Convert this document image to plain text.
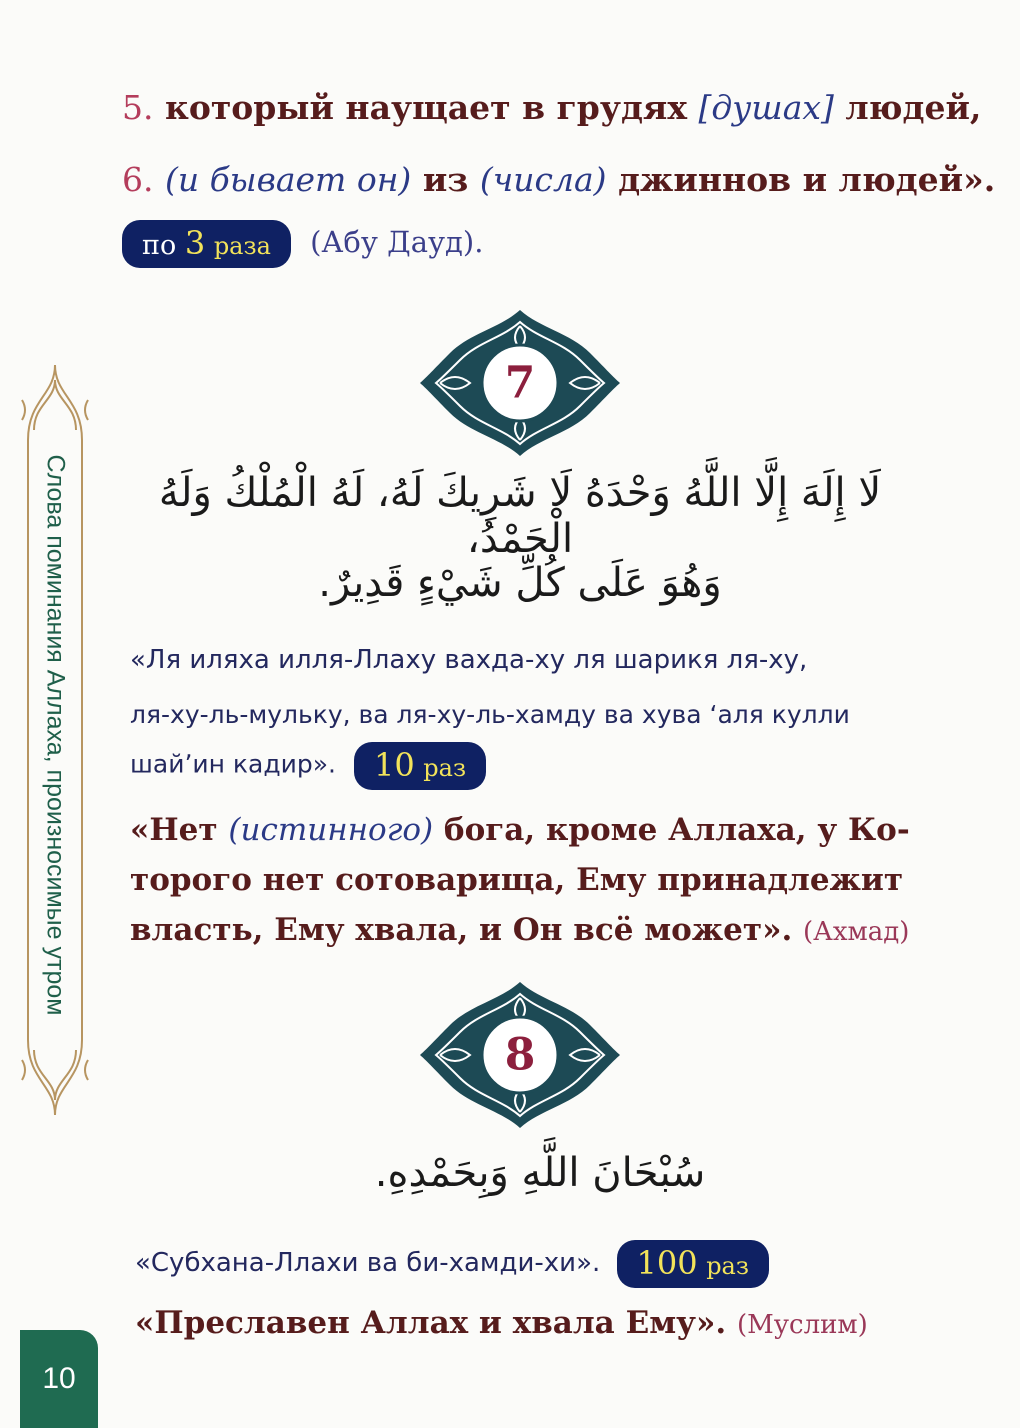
Слова поминания Аллаха, произносимые утром
10
5. который наущает в грудях [душах] людей,
6. (и бывает он) из (числа) джиннов и людей».
по 3 раза (Абу Дауд).
7
لَا إِلَهَ إِلَّا اللَّهُ وَحْدَهُ لَا شَرِيكَ لَهُ، لَهُ الْمُلْكُ وَلَهُ الْحَمْدُ،
وَهُوَ عَلَى كُلِّ شَيْءٍ قَدِيرٌ.
«Ля иляха илля-Ллаху вахда-ху ля шарикя ля-ху,
ля-ху-ль-мульку, ва ля-ху-ль-хамду ва хува ʻаля кулли
шайʼин кадир». 10 раз
«Нет (истинного) бога, кроме Аллаха, у Ко-
торого нет сотоварища, Ему принадлежит
власть, Ему хвала, и Он всё может». (Ахмад)
8
سُبْحَانَ اللَّهِ وَبِحَمْدِهِ.
«Субхана-Ллахи ва би-хамди-хи». 100 раз
«Преславен Аллах и хвала Ему». (Муслим)
